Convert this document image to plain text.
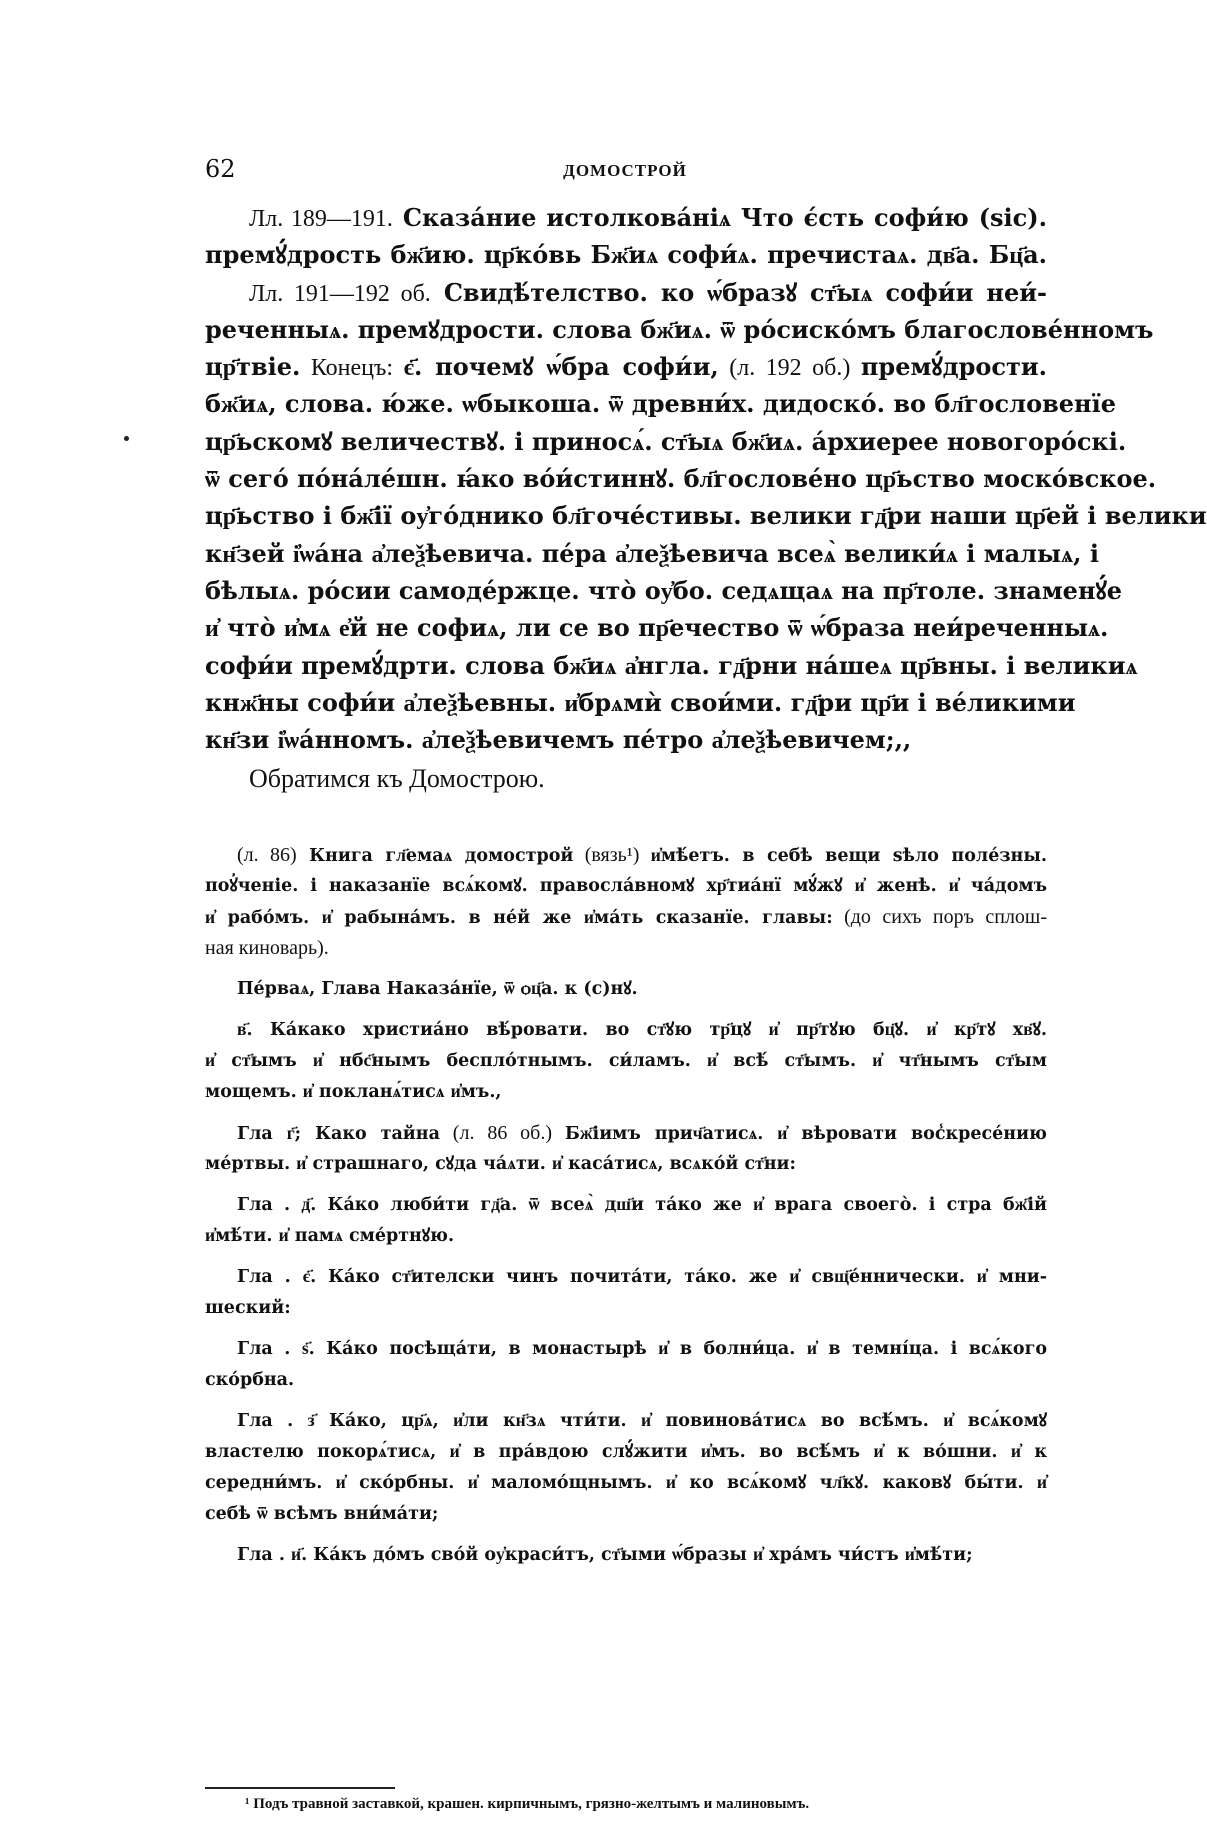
62	ДОМОСТРОЙ
Лл. 189—191. Сказа́ние истолкова́ніѧ Что є́сть софи́ю (sic).
премꙋ́дрость бж҃ию. цр҃ко́вь Бж҃иѧ софи́ѧ. пречистаѧ. дв҃а. Бц҃а.
Лл. 191—192 об. Свидѣ́телство. ко ѡ́бразꙋ ст҃ыѧ софи́и неи́-
реченныѧ. премꙋдрости. слова бж҃иѧ. ѿ ро́сиско́мъ благослове́нномъ
цр҃твіе. Конецъ: є҃. почемꙋ ѡ́бра софи́и, (л. 192 об.) премꙋ́дрости.
бж҃иѧ, слова. ю́же. ѡбыкоша. ѿ древни́х. дидоско́. во бл҃гословенїе
цр҃ьскомꙋ величествꙋ. і приносѧ́. ст҃ыѧ бж҃иѧ. а́рхиерее новогоро́скі.
ѿ сего́ по́на́ле́шн. ꙗ́ко во́и́стиннꙋ. бл҃гослове́но цр҃ьство моско́вское.
цр҃ьство і бж҃ії оу҆го́днико бл҃гоче́стивы. велики гд҃ри наши цр҃ей і велики
кн҃зей і҆ѡа́на а҆леѯѣевича. пе́ра а҆леѯѣевича всеѧ̀ велики́ѧ і малыѧ, і
бѣлыѧ. ро́сии самоде́ржце. что̀ оу҆бо. седѧщаѧ на пр҃толе. знаменꙋ́е
и҆ что̀ и҆мѧ е҆й не софиѧ, ли се во пр҃ечество ѿ ѡ́браза неи́реченныѧ.
софи́и премꙋ́дрти. слова бж҃иѧ а҆нгла. гд҃рни на́шеѧ цр҃вны. і великиѧ
кнж҃ны софи́и а҆леѯѣевны. и҆брѧмѝ свои́ми. гд҃ри цр҃и і ве́ликими
кн҃зи і҆ѡа́нномъ. а҆леѯѣевичемъ пе́тро а҆леѯѣевичем;,,
Обратимся къ Домострою.
(л. 86) Книга гл҃емаѧ домострой (вязь¹) и҆мѣ́етъ. в себѣ вещи ѕѣло поле́зны.
поꙋ҆ченіе. і наказанїе всѧ́комꙋ. правосла́вномꙋ хр҃тиа́нї мꙋ́жꙋ и҆ женѣ. и҆ ча́домъ
и҆ рабо́мъ. и҆ рабына́мъ. в не́й же и҆ма́ть сказанїе. главы: (до сихъ поръ сплош-
ная киноварь).
Пе́рваѧ, Глава Наказа́нїе, ѿ ѻц҃а. к (с)нꙋ.
в҃. Ка́како христиа́но вѣ́ровати. во ст҃ꙋю тр҃цꙋ и҆ пр҃тꙋю бц҃ꙋ. и҆ кр҃тꙋ хв҃ꙋ.
и҆ ст҃ымъ и҆ нбс҃нымъ беспло́тнымъ. си́ламъ. и҆ всѣ́ ст҃ымъ. и҆ чт҃нымъ ст҃ым
мощемъ. и҆ покланѧ́тисѧ и҆мъ.,
Гла г҃; Како тайна (л. 86 об.) Бж҃іимъ прич҃атисѧ. и҆ вѣровати вос̾кресе́нию
ме́ртвы. и҆ страшнаго, сꙋда ча́ѧти. и҆ каса́тисѧ, всѧко́й ст҃ни:
Гла . д҃. Ка́ко люби́ти гд҃а. ѿ всеѧ̀ дш҃и та́ко же и҆ врага своего̀. і стра бж҃ій
и҆мѣ́ти. и҆ памѧ сме́ртнꙋю.
Гла . є҃. Ка́ко ст҃ителски чинъ почита́ти, та́ко. же и҆ свщ҃е́ннически. и҆ мни-
шеский:
Гла . ѕ҃. Ка́ко посѣща́ти, в монастырѣ и҆ в болни́ца. и҆ в темні́ца. і всѧ́кого
ско́рбна.
Гла . з҃ Ка́ко, цр҃ѧ, и҆ли кн҃зѧ чти́ти. и҆ повинова́тисѧ во всѣ́мъ. и҆ всѧ́комꙋ
властелю покорѧ́тисѧ, и҆ в пра́вдою слꙋ́жити и҆мъ. во всѣ́мъ и҆ к во́шни. и҆ к
середни́мъ. и҆ ско́рбны. и҆ маломо́щнымъ. и҆ ко всѧ́комꙋ чл҃кꙋ. каковꙋ бы́ти. и҆
себѣ ѿ всѣмъ вни́ма́ти;
Гла . и҃. Ка́къ до́мъ сво́й оу҆краси́тъ, ст҃ыми ѡ́бразы и҆ хра́мъ чи́стъ и҆мѣ́ти;
¹ Подъ травной заставкой, крашен. кирпичнымъ, грязно-желтымъ и малиновымъ.
